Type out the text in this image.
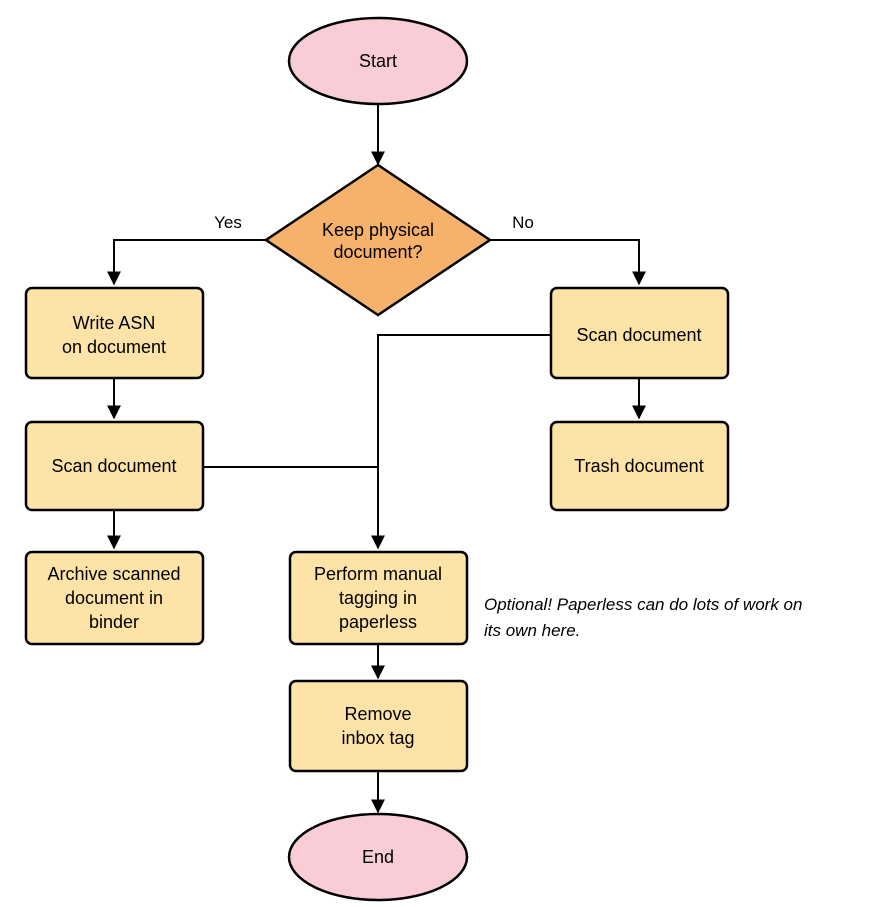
Yes	No
Start
Keep physical
document?
Write ASN
on document
Scan document
Archive scanned
document in
binder
Scan document
Trash document
Perform manual
tagging in
paperless
Remove
inbox tag
End
Optional! Paperless can do lots of work on
its own here.
